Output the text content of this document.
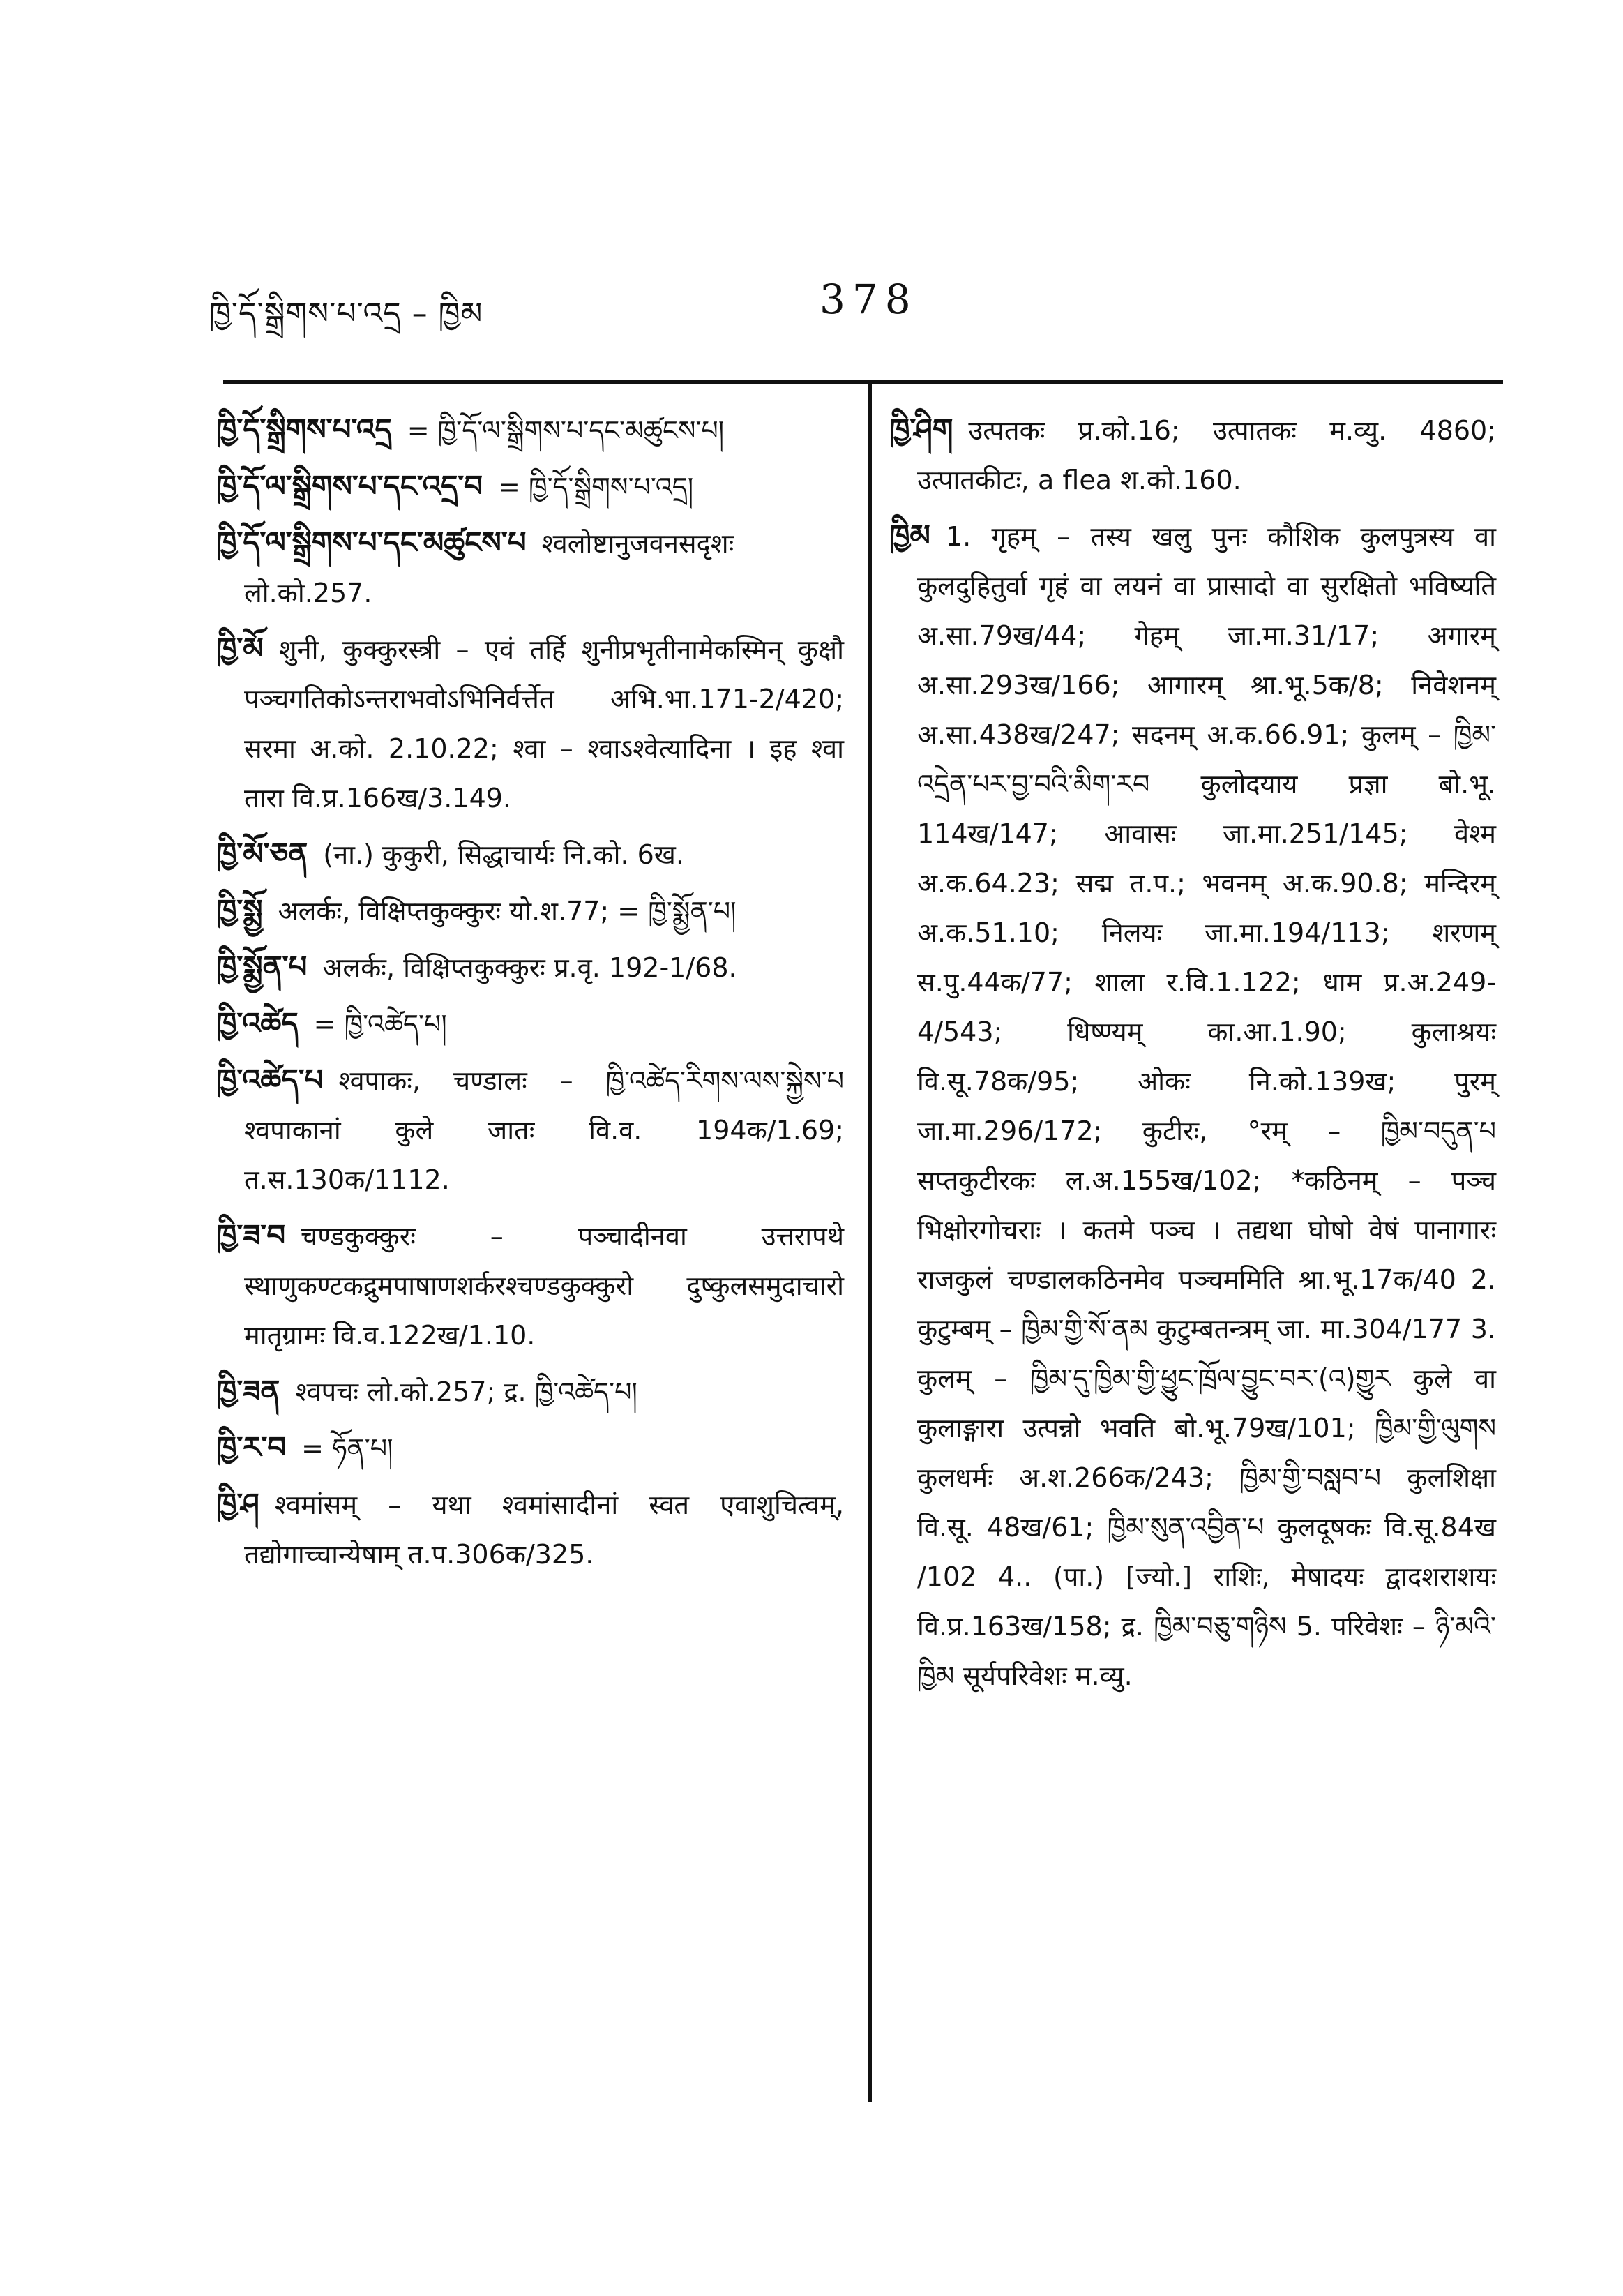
ཁྱི་དོ་སྒྲིགས་པ་འདྲ – ཁྱིམ	378

ཁྱི་དོ་སྒྲིགས་པ་འདྲ = ཁྱི་དོ་ལ་སྒྲིགས་པ་དང་མཚུངས་པ།

ཁྱི་དོ་ལ་སྒྲིགས་པ་དང་འདྲ་བ = ཁྱི་དོ་སྒྲིགས་པ་འདྲ།

ཁྱི་དོ་ལ་སྒྲིགས་པ་དང་མཚུངས་པ श्वलोष्टानुजवनसदृशः लो.को.257.

ཁྱི་མོ शुनी, कुक्कुरस्त्री – एवं तर्हि शुनीप्रभृतीनामेकस्मिन् कुक्षौ पञ्चगतिकोऽन्तराभवोऽभिनिर्वर्त्तेत अभि.भा.171-2/420; सरमा अ.को. 2.10.22; श्वा – श्वाऽश्वेत्यादिना । इह श्वा तारा वि.प्र.166ख/3.149.

ཁྱི་མོ་ཅན (ना.) कुकुरी, सिद्धाचार्यः नि.को. 6ख.

ཁྱི་སྨྱོ अलर्कः, विक्षिप्तकुक्कुरः यो.श.77; = ཁྱི་སྨྱོན་པ།

ཁྱི་སྨྱོན་པ अलर्कः, विक्षिप्तकुक्कुरः प्र.वृ. 192-1/68.

ཁྱི་འཚེད = ཁྱི་འཚེད་པ།

ཁྱི་འཚེད་པ श्वपाकः, चण्डालः – ཁྱི་འཚེད་རིགས་ལས་སྐྱེས་པ श्वपाकानां कुले जातः वि.व. 194क/1.69; त.स.130क/1112.

ཁྱི་ཟ་བ चण्डकुक्कुरः – पञ्चादीनवा उत्तरापथे स्थाणुकण्टकद्रुमपाषाणशर्करश्चण्डकुक्कुरो दुष्कुलसमुदाचारो मातृग्रामः वि.व.122ख/1.10.

ཁྱི་ཟན श्वपचः लो.को.257; द्र. ཁྱི་འཚེད་པ།

ཁྱི་ར་བ = ཧོན་པ།

ཁྱི་ཤ श्वमांसम् – यथा श्वमांसादीनां स्वत एवाशुचित्वम्, तद्योगाच्चान्येषाम् त.प.306क/325.

ཁྱི་ཤིག उत्पतकः प्र.को.16; उत्पातकः म.व्यु. 4860; उत्पातकीटः, a flea श.को.160.

ཁྱིམ 1. गृहम् – तस्य खलु पुनः कौशिक कुलपुत्रस्य वा कुलदुहितुर्वा गृहं वा लयनं वा प्रासादो वा सुरक्षितो भविष्यति अ.सा.79ख/44; गेहम् जा.मा.31/17; अगारम् अ.सा.293ख/166; आगारम् श्रा.भू.5क/8; निवेशनम् अ.सा.438ख/247; सदनम् अ.क.66.91; कुलम् – ཁྱིམ་འདྲེན་པར་བྱ་བའི་མིག་རབ कुलोदयाय प्रज्ञा बो.भू. 114ख/147; आवासः जा.मा.251/145; वेश्म अ.क.64.23; सद्म त.प.; भवनम् अ.क.90.8; मन्दिरम् अ.क.51.10; निलयः जा.मा.194/113; शरणम् स.पु.44क/77; शाला र.वि.1.122; धाम प्र.अ.249-4/543; धिष्ण्यम् का.आ.1.90; कुलाश्रयः वि.सू.78क/95; ओकः नि.को.139ख; पुरम् जा.मा.296/172; कुटीरः, °रम् – ཁྱིམ་བདུན་པ सप्तकुटीरकः ल.अ.155ख/102; *कठिनम् – पञ्च भिक्षोरगोचराः । कतमे पञ्च । तद्यथा घोषो वेषं पानागारः राजकुलं चण्डालकठिनमेव पञ्चममिति श्रा.भू.17क/40 2. कुटुम्बम् – ཁྱིམ་གྱི་སོ་ནམ कुटुम्बतन्त्रम् जा. मा.304/177 3. कुलम् – ཁྱིམ་དུ་ཁྱིམ་གྱི་ཕྱུང་ཁྲོལ་བྱུང་བར་(འ)གྱུར कुले वा कुलाङ्गारा उत्पन्नो भवति बो.भू.79ख/101; ཁྱིམ་གྱི་ལུགས कुलधर्मः अ.श.266क/243; ཁྱིམ་གྱི་བསླབ་པ कुलशिक्षा वि.सू. 48ख/61; ཁྱིམ་སུན་འབྱིན་པ कुलदूषकः वि.सू.84ख /102 4.. (पा.) [ज्यो.] राशिः, मेषादयः द्वादशराशयः वि.प्र.163ख/158; द्र. ཁྱིམ་བཅུ་གཉིས 5. परिवेशः – ཉི་མའི་ཁྱིམ सूर्यपरिवेशः म.व्यु.
